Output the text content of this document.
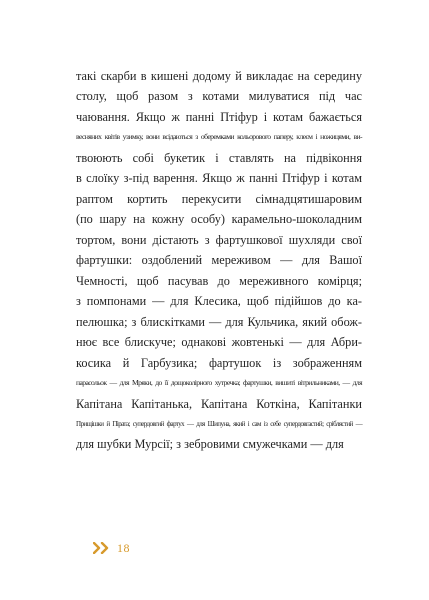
такі скарби в кишені додому й викладає на середину
столу, щоб разом з котами милуватися під час
чаювання. Якщо ж панні Птіфур і котам бажається
весняних квітів узимку, вони всідаються з оберемками кольорового паперу, клеєм і ножицями, ви-
твоюють собі букетик і ставлять на підвіконня
в слоїку з-під варення. Якщо ж панні Птіфур і котам
раптом кортить перекусити сімнадцятишаровим
(по шару на кожну особу) карамельно-шоколадним
тортом, вони дістають з фартушкової шухляди свої
фартушки: оздоблений мереживом — для Вашої
Чемності, щоб пасував до мереживного комірця;
з помпонами — для Клесика, щоб підійшов до ка-
пелюшка; з блискітками — для Кульчика, який обож-
нює все блискуче; однакові жовтенькі — для Абри-
косика й Гарбузика; фартушок із зображенням
парасольок — для Мряки, до її дощоколірного хутречка; фартушки, вишиті вітрильниками, — для
Капітана Капітанька, Капітана Коткіна, Капітанки
Прищішки й Пірата; супердовгий фартух — для Шипуна, який і сам із себе супердовгастий; сріблястий —
для шубки Мурсії; з зебровими смужечками — для
18
